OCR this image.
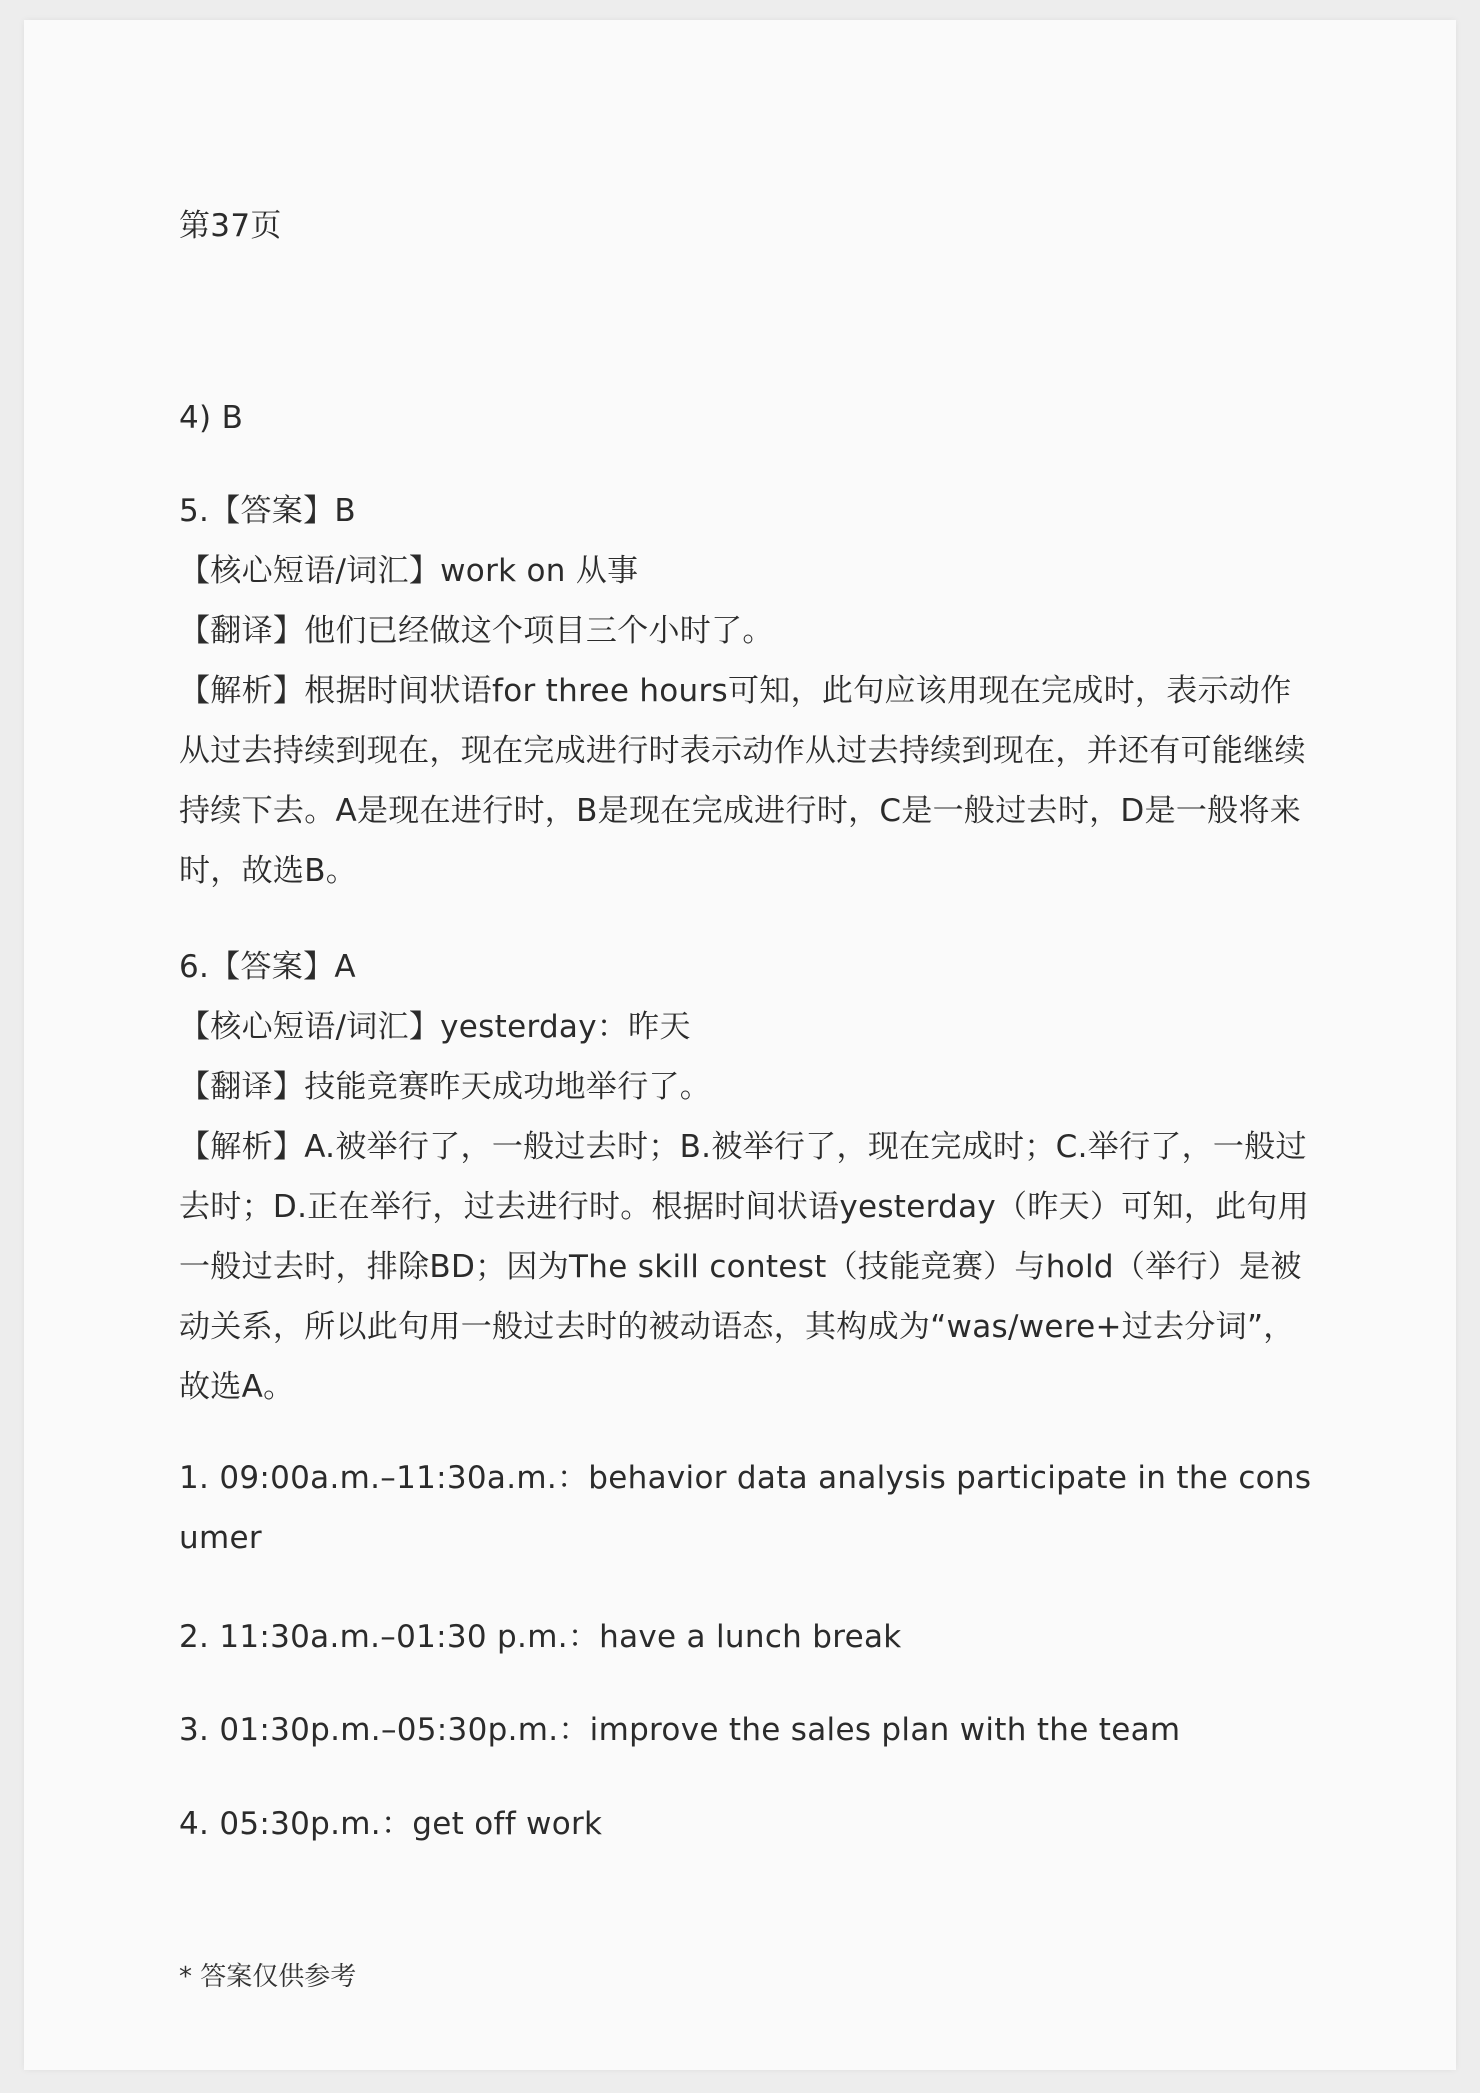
第37页
4) B
5.【答案】B
【核心短语/词汇】work on 从事
【翻译】他们已经做这个项目三个小时了。
【解析】根据时间状语for three hours可知，此句应该用现在完成时，表示动作从过去持续到现在，现在完成进行时表示动作从过去持续到现在，并还有可能继续持续下去。A是现在进行时，B是现在完成进行时，C是一般过去时，D是一般将来时，故选B。
6.【答案】A
【核心短语/词汇】yesterday：昨天
【翻译】技能竞赛昨天成功地举行了。
【解析】A.被举行了，一般过去时；B.被举行了，现在完成时；C.举行了，一般过去时；D.正在举行，过去进行时。根据时间状语yesterday（昨天）可知，此句用一般过去时，排除BD；因为The skill contest（技能竞赛）与hold（举行）是被动关系，所以此句用一般过去时的被动语态，其构成为“was/were+过去分词”，故选A。
1. 09:00a.m.–11:30a.m.：behavior data analysis participate in the consumer
2. 11:30a.m.–01:30 p.m.：have a lunch break
3. 01:30p.m.–05:30p.m.：improve the sales plan with the team
4. 05:30p.m.：get off work
* 答案仅供参考
